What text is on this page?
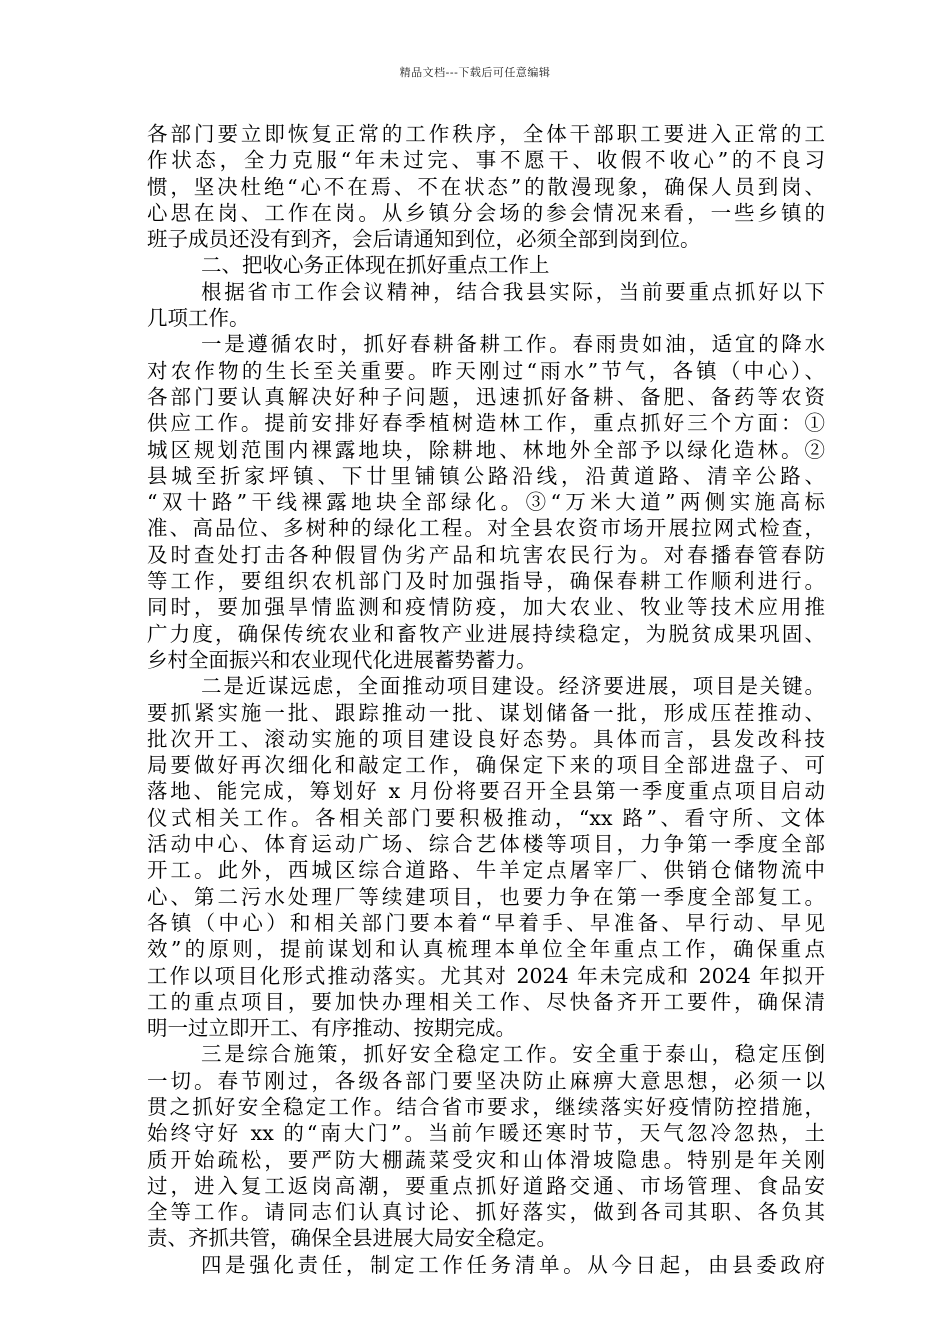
精品文档---下载后可任意编辑
各部门要立即恢复正常的工作秩序，全体干部职工要进入正常的工
作状态，全力克服“年未过完、事不愿干、收假不收心”的不良习
惯，坚决杜绝“心不在焉、不在状态”的散漫现象，确保人员到岗、
心思在岗、工作在岗。从乡镇分会场的参会情况来看，一些乡镇的
班子成员还没有到齐，会后请通知到位，必须全部到岗到位。
二、把收心务正体现在抓好重点工作上
根据省市工作会议精神，结合我县实际，当前要重点抓好以下
几项工作。
一是遵循农时，抓好春耕备耕工作。春雨贵如油，适宜的降水
对农作物的生长至关重要。昨天刚过“雨水”节气，各镇（中心）、
各部门要认真解决好种子问题，迅速抓好备耕、备肥、备药等农资
供应工作。提前安排好春季植树造林工作，重点抓好三个方面：①
城区规划范围内裸露地块，除耕地、林地外全部予以绿化造林。②
县城至折家坪镇、下廿里铺镇公路沿线，沿黄道路、清辛公路、
“双十路”干线裸露地块全部绿化。③“万米大道”两侧实施高标
准、高品位、多树种的绿化工程。对全县农资市场开展拉网式检查，
及时查处打击各种假冒伪劣产品和坑害农民行为。对春播春管春防
等工作，要组织农机部门及时加强指导，确保春耕工作顺利进行。
同时，要加强旱情监测和疫情防疫，加大农业、牧业等技术应用推
广力度，确保传统农业和畜牧产业进展持续稳定，为脱贫成果巩固、
乡村全面振兴和农业现代化进展蓄势蓄力。
二是近谋远虑，全面推动项目建设。经济要进展，项目是关键。
要抓紧实施一批、跟踪推动一批、谋划储备一批，形成压茬推动、
批次开工、滚动实施的项目建设良好态势。具体而言，县发改科技
局要做好再次细化和敲定工作，确保定下来的项目全部进盘子、可
落地、能完成，筹划好 x 月份将要召开全县第一季度重点项目启动
仪式相关工作。各相关部门要积极推动，“xx 路”、看守所、文体
活动中心、体育运动广场、综合艺体楼等项目，力争第一季度全部
开工。此外，西城区综合道路、牛羊定点屠宰厂、供销仓储物流中
心、第二污水处理厂等续建项目，也要力争在第一季度全部复工。
各镇（中心）和相关部门要本着“早着手、早准备、早行动、早见
效”的原则，提前谋划和认真梳理本单位全年重点工作，确保重点
工作以项目化形式推动落实。尤其对 2024 年未完成和 2024 年拟开
工的重点项目，要加快办理相关工作、尽快备齐开工要件，确保清
明一过立即开工、有序推动、按期完成。
三是综合施策，抓好安全稳定工作。安全重于泰山，稳定压倒
一切。春节刚过，各级各部门要坚决防止麻痹大意思想，必须一以
贯之抓好安全稳定工作。结合省市要求，继续落实好疫情防控措施，
始终守好 xx 的“南大门”。当前乍暖还寒时节，天气忽冷忽热，土
质开始疏松，要严防大棚蔬菜受灾和山体滑坡隐患。特别是年关刚
过，进入复工返岗高潮，要重点抓好道路交通、市场管理、食品安
全等工作。请同志们认真讨论、抓好落实，做到各司其职、各负其
责、齐抓共管，确保全县进展大局安全稳定。
四是强化责任，制定工作任务清单。从今日起，由县委政府
